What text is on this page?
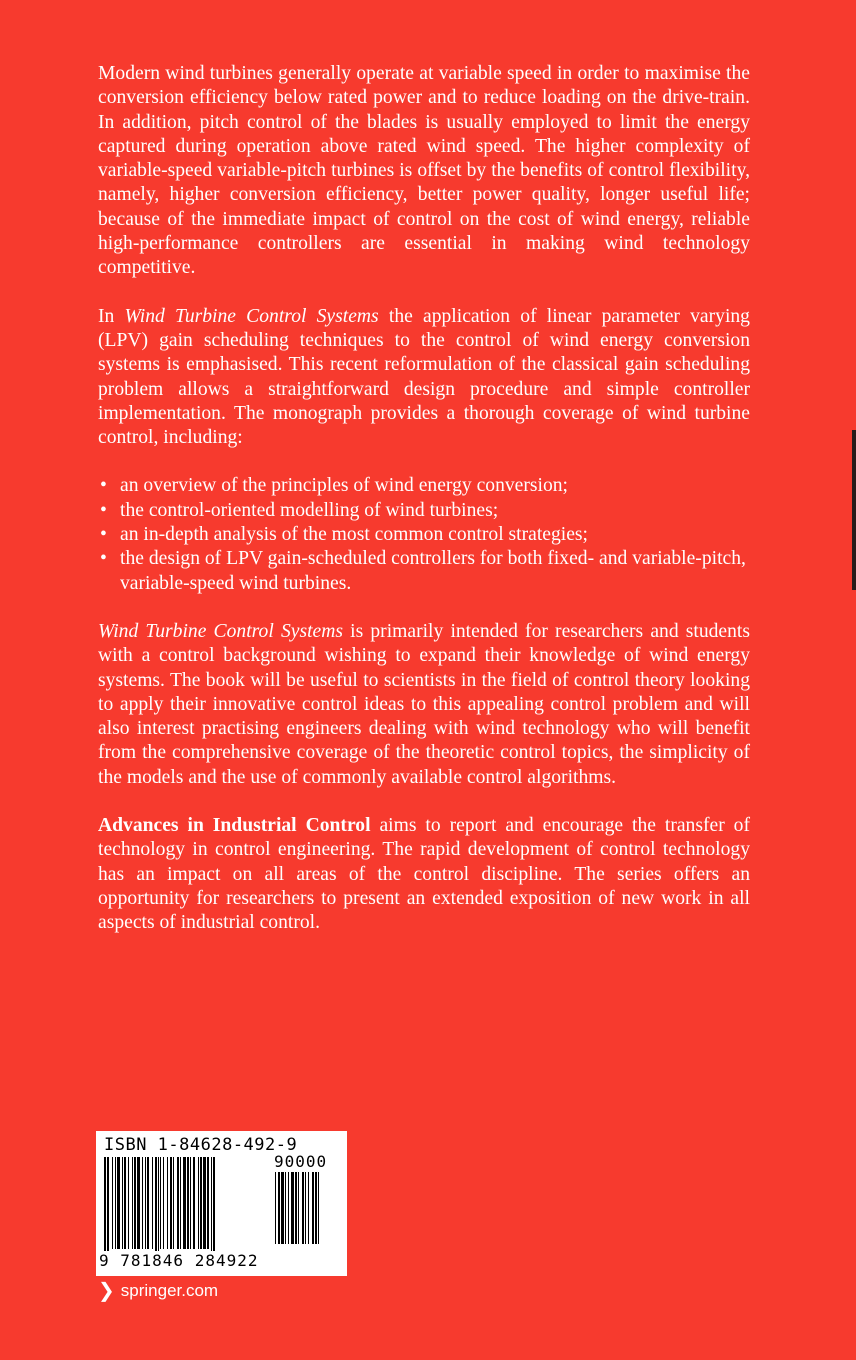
Modern wind turbines generally operate at variable speed in order to maximise the conversion efficiency below rated power and to reduce loading on the drive-train. In addition, pitch control of the blades is usually employed to limit the energy captured during operation above rated wind speed. The higher complexity of variable-speed variable-pitch turbines is offset by the benefits of control flexibility, namely, higher conversion efficiency, better power quality, longer useful life; because of the immediate impact of control on the cost of wind energy, reliable high-performance controllers are essential in making wind technology competitive.

In Wind Turbine Control Systems the application of linear parameter varying (LPV) gain scheduling techniques to the control of wind energy conversion systems is emphasised. This recent reformulation of the classical gain scheduling problem allows a straightforward design procedure and simple controller implementation. The monograph provides a thorough coverage of wind turbine control, including:

• an overview of the principles of wind energy conversion;
• the control-oriented modelling of wind turbines;
• an in-depth analysis of the most common control strategies;
• the design of LPV gain-scheduled controllers for both fixed- and variable-pitch, variable-speed wind turbines.

Wind Turbine Control Systems is primarily intended for researchers and students with a control background wishing to expand their knowledge of wind energy systems. The book will be useful to scientists in the field of control theory looking to apply their innovative control ideas to this appealing control problem and will also interest practising engineers dealing with wind technology who will benefit from the comprehensive coverage of the theoretic control topics, the simplicity of the models and the use of commonly available control algorithms.

Advances in Industrial Control aims to report and encourage the transfer of technology in control engineering. The rapid development of control technology has an impact on all areas of the control discipline. The series offers an opportunity for researchers to present an extended exposition of new work in all aspects of industrial control.

ISBN 1-84628-492-9
90000
9 781846 284922
❯ springer.com
